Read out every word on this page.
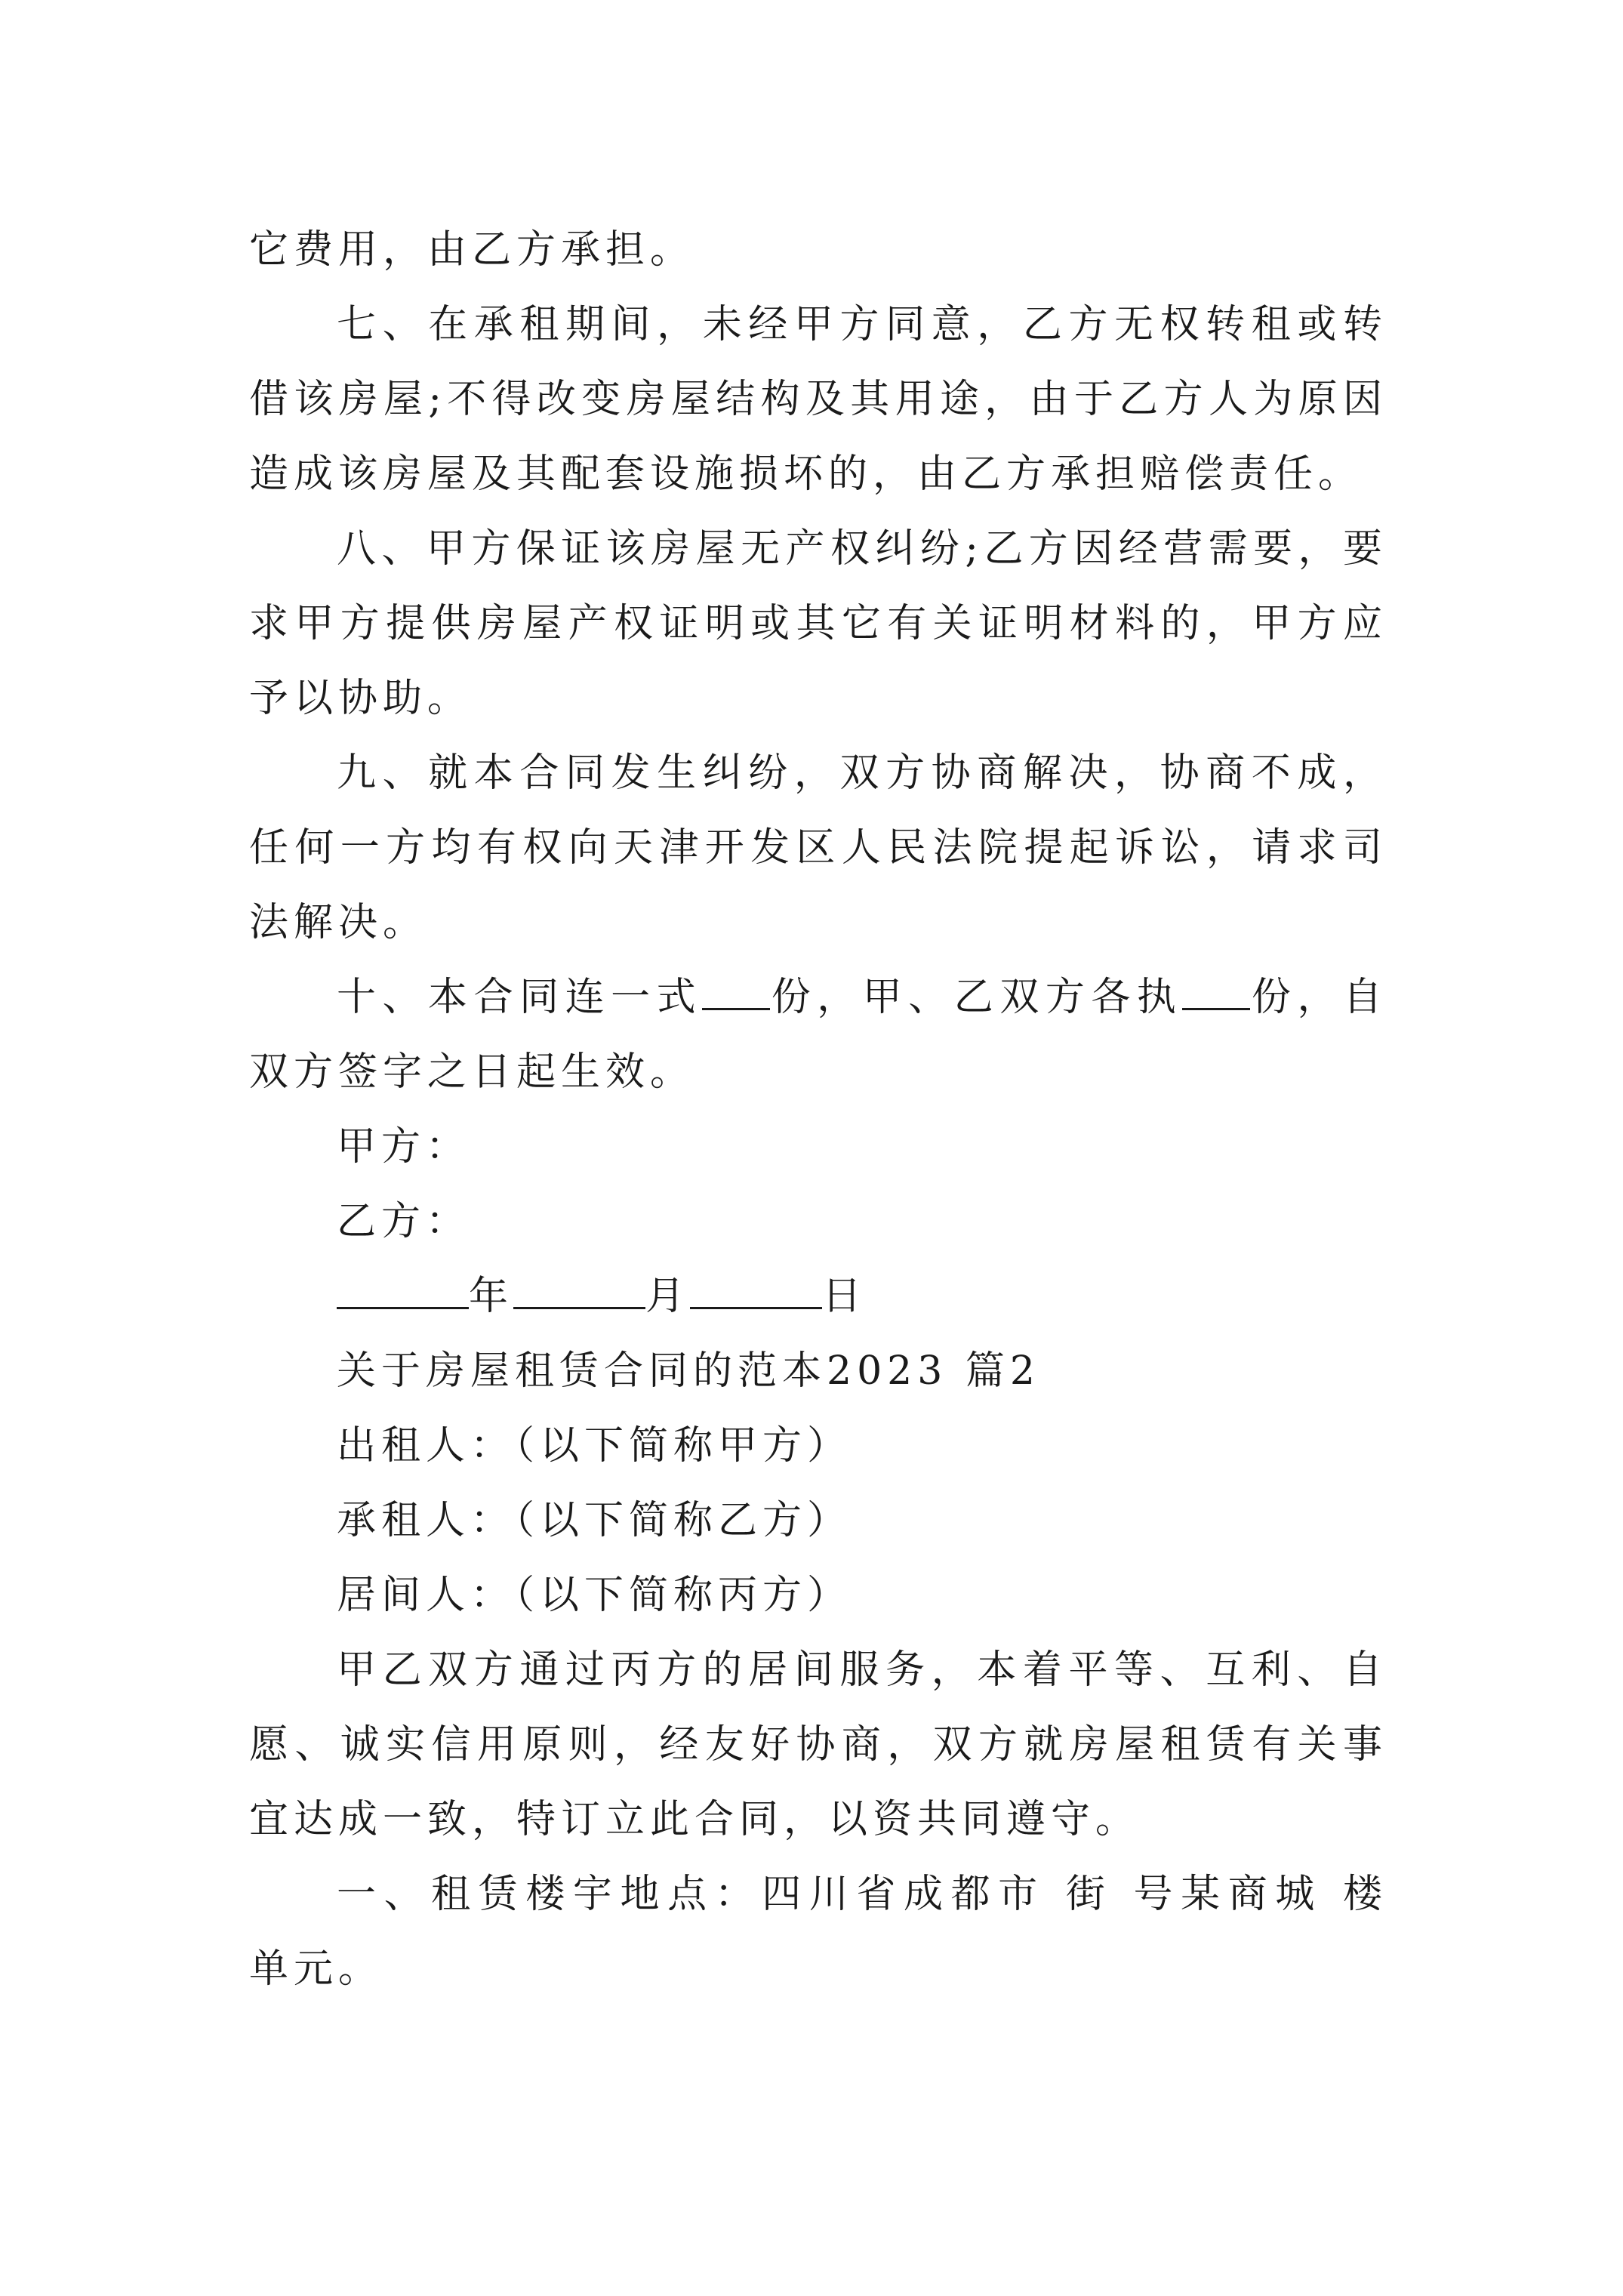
它费用，由乙方承担。

七、在承租期间，未经甲方同意，乙方无权转租或转借该房屋;不得改变房屋结构及其用途，由于乙方人为原因造成该房屋及其配套设施损坏的，由乙方承担赔偿责任。

八、甲方保证该房屋无产权纠纷;乙方因经营需要，要求甲方提供房屋产权证明或其它有关证明材料的，甲方应予以协助。

九、就本合同发生纠纷，双方协商解决，协商不成，任何一方均有权向天津开发区人民法院提起诉讼，请求司法解决。

十、本合同连一式 份，甲、乙双方各执 份，自双方签字之日起生效。

甲方：

乙方：

年	月	日

关于房屋租赁合同的范本2023 篇2

出租人：（以下简称甲方）

承租人：（以下简称乙方）

居间人：（以下简称丙方）

甲乙双方通过丙方的居间服务，本着平等、互利、自愿、诚实信用原则，经友好协商，双方就房屋租赁有关事宜达成一致，特订立此合同，以资共同遵守。

一、租赁楼宇地点：四川省成都市 街 号某商城 楼 单元。
